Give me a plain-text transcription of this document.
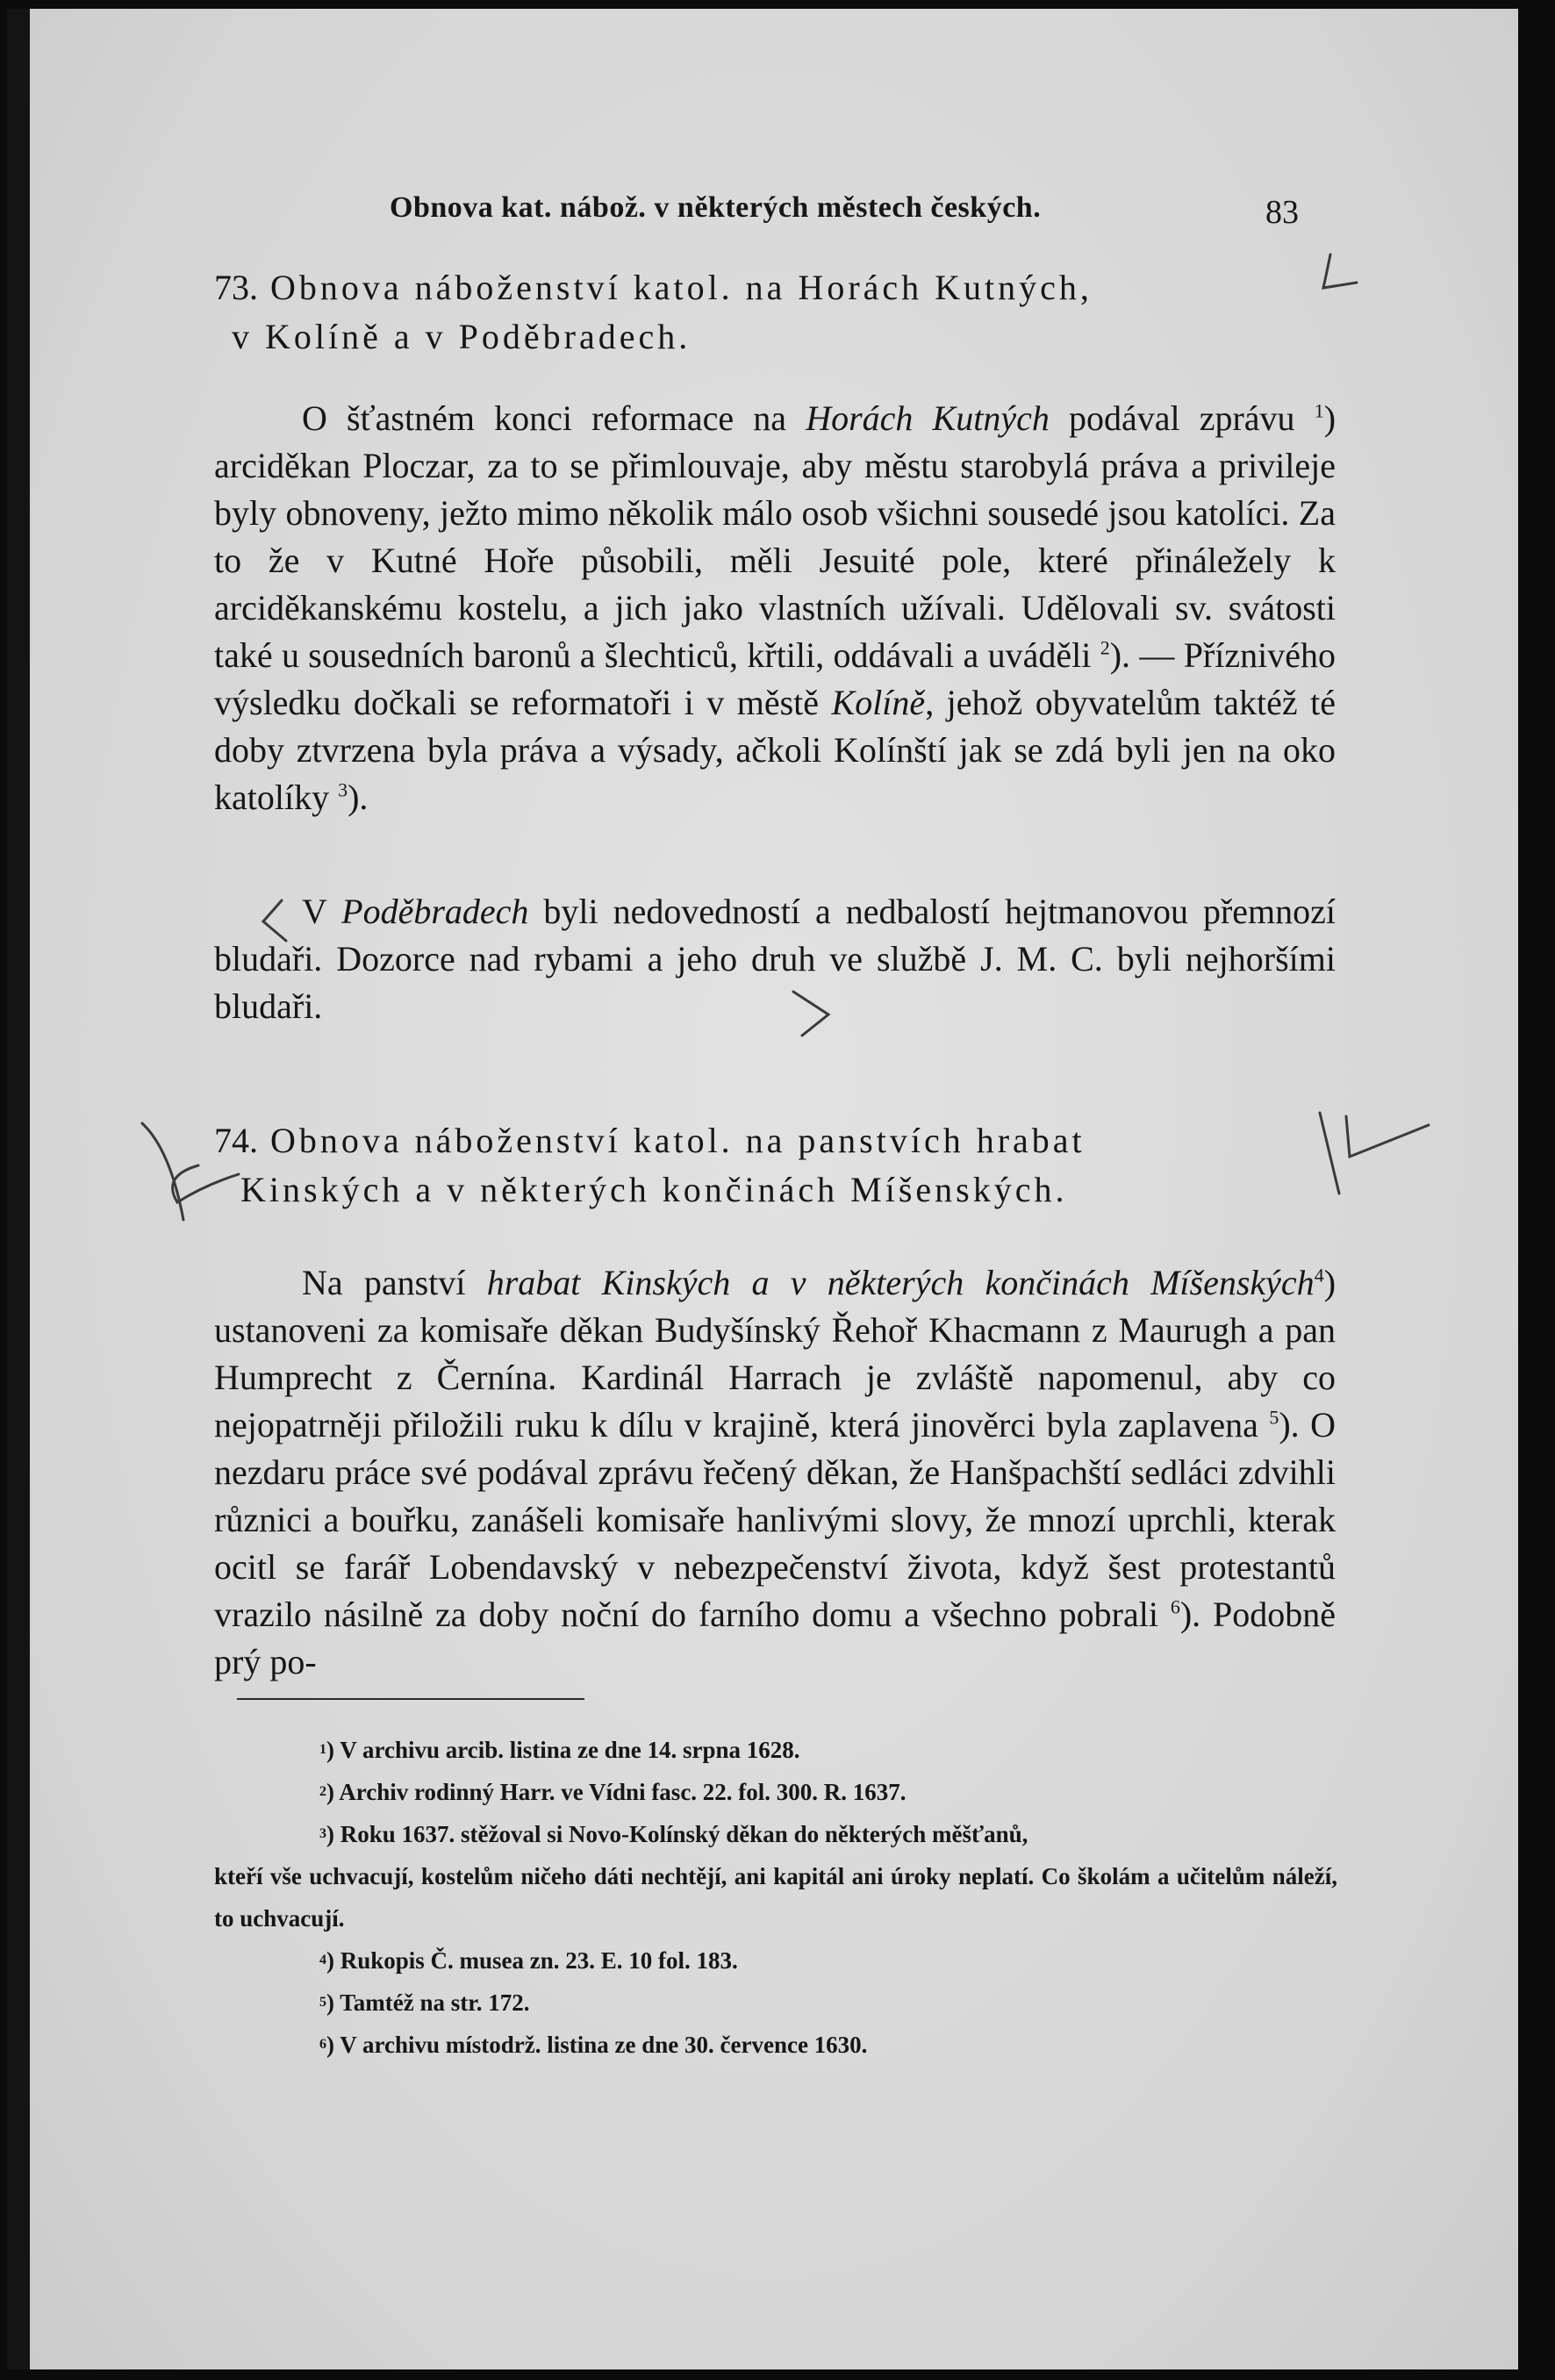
Obnova kat. nábož. v některých městech českých.	83
73. Obnova náboženství katol. na Horách Kutných,
v Kolíně a v Poděbradech.

O šťastném konci reformace na Horách Kutných podával zprávu $^1$) arciděkan Ploczar, za to se přimlouvaje, aby městu starobylá práva a privileje byly obnoveny, ježto mimo několik málo osob všichni sousedé jsou katolíci. Za to že v Kutné Hoře působili, měli Jesuité pole, které přináležely k arciděkanskému kostelu, a jich jako vlastních užívali. Udělovali sv. svátosti také u sousedních baronů a šlechticů, křtili, oddávali a uváděli $^2$). — Příznivého výsledku dočkali se reformatoři i v městě Kolíně, jehož obyvatelům taktéž té doby ztvrzena byla práva a výsady, ačkoli Kolínští jak se zdá byli jen na oko katolíky $^3$).

V Poděbradech byli nedovedností a nedbalostí hejtmanovou přemnozí bludaři. Dozorce nad rybami a jeho druh ve službě J. M. C. byli nejhoršími bludaři.

74. Obnova náboženství katol. na panstvích hrabat
Kinských a v některých končinách Míšenských.

Na panství hrabat Kinských a v některých končinách Míšenských$^4$) ustanoveni za komisaře děkan Budyšínský Řehoř Khacmann z Maurugh a pan Humprecht z Černína. Kardinál Harrach je zvláště napomenul, aby co nejopatrněji přiložili ruku k dílu v krajině, která jinověrci byla zaplavena $^5$). O nezdaru práce své podával zprávu řečený děkan, že Hanšpachští sedláci zdvihli různici a bouřku, zanášeli komisaře hanlivými slovy, že mnozí uprchli, kterak ocitl se farář Lobendavský v nebezpečenství života, když šest protestantů vrazilo násilně za doby noční do farního domu a všechno pobrali $^6$). Podobně prý po-

$^1$) V archivu arcib. listina ze dne 14. srpna 1628.
$^2$) Archiv rodinný Harr. ve Vídni fasc. 22. fol. 300. R. 1637.
$^3$) Roku 1637. stěžoval si Novo-Kolínský děkan do některých měšťanů,
kteří vše uchvacují, kostelům ničeho dáti nechtějí, ani kapitál ani úroky neplatí. Co školám a učitelům náleží, to uchvacují.
$^4$) Rukopis Č. musea zn. 23. E. 10 fol. 183.
$^5$) Tamtéž na str. 172.
$^6$) V archivu místodrž. listina ze dne 30. července 1630.
